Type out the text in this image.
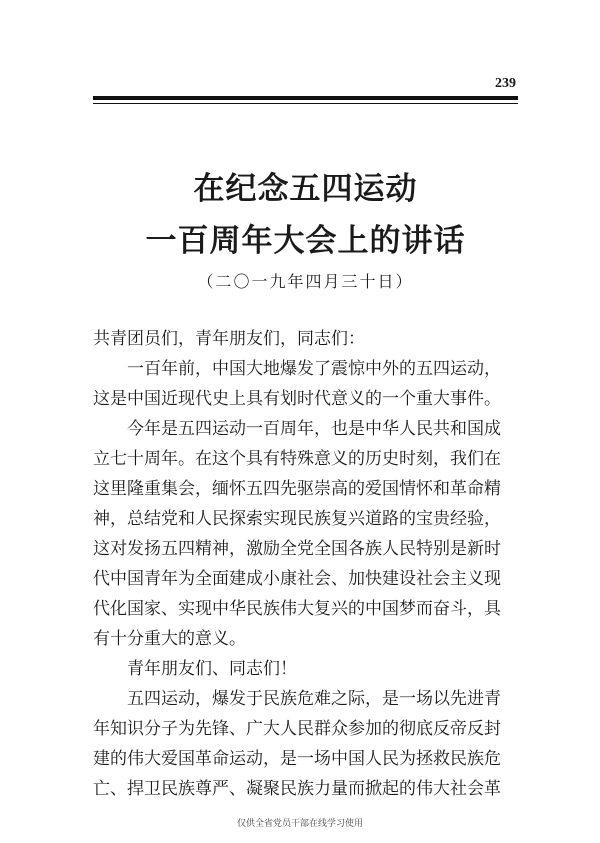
239
在纪念五四运动
一百周年大会上的讲话
（二〇一九年四月三十日）
共青团员们，青年朋友们，同志们：
一百年前，中国大地爆发了震惊中外的五四运动，
这是中国近现代史上具有划时代意义的一个重大事件。
今年是五四运动一百周年，也是中华人民共和国成
立七十周年。在这个具有特殊意义的历史时刻，我们在
这里隆重集会，缅怀五四先驱崇高的爱国情怀和革命精
神，总结党和人民探索实现民族复兴道路的宝贵经验，
这对发扬五四精神，激励全党全国各族人民特别是新时
代中国青年为全面建成小康社会、加快建设社会主义现
代化国家、实现中华民族伟大复兴的中国梦而奋斗，具
有十分重大的意义。
青年朋友们、同志们！
五四运动，爆发于民族危难之际，是一场以先进青
年知识分子为先锋、广大人民群众参加的彻底反帝反封
建的伟大爱国革命运动，是一场中国人民为拯救民族危
亡、捍卫民族尊严、凝聚民族力量而掀起的伟大社会革
仅供全省党员干部在线学习使用
